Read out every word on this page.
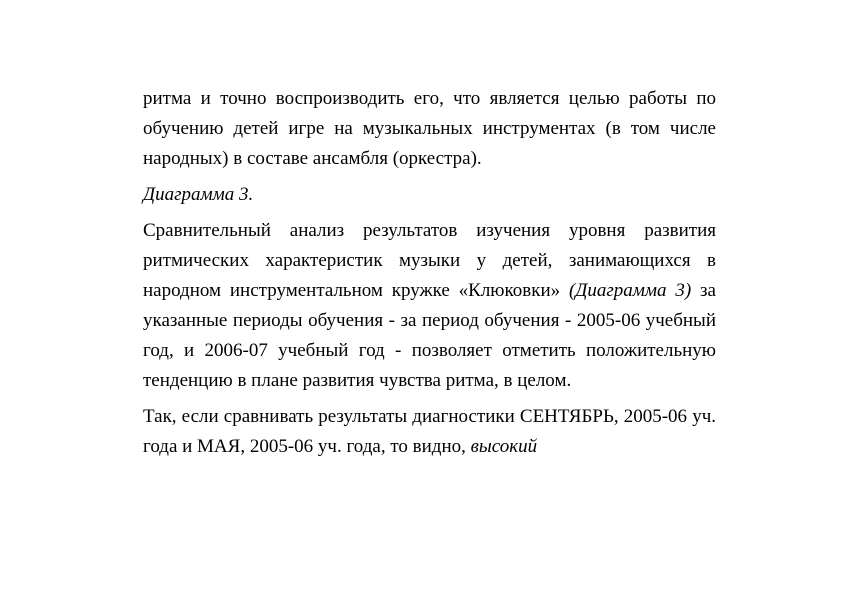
ритма и точно воспроизводить его, что является целью работы по обучению детей игре на музыкальных инструментах (в том числе народных) в составе ансамбля (оркестра).

Диаграмма 3.

Сравнительный анализ результатов изучения уровня развития ритмических характеристик музыки у детей, занимающихся в народном инструментальном кружке «Клюковки» (Диаграмма 3) за указанные периоды обучения - за период обучения - 2005-06 учебный год, и 2006-07 учебный год - позволяет отметить положительную тенденцию в плане развития чувства ритма, в целом.

Так, если сравнивать результаты диагностики СЕНТЯБРЬ, 2005-06 уч. года и МАЯ, 2005-06 уч. года, то видно, высокий
